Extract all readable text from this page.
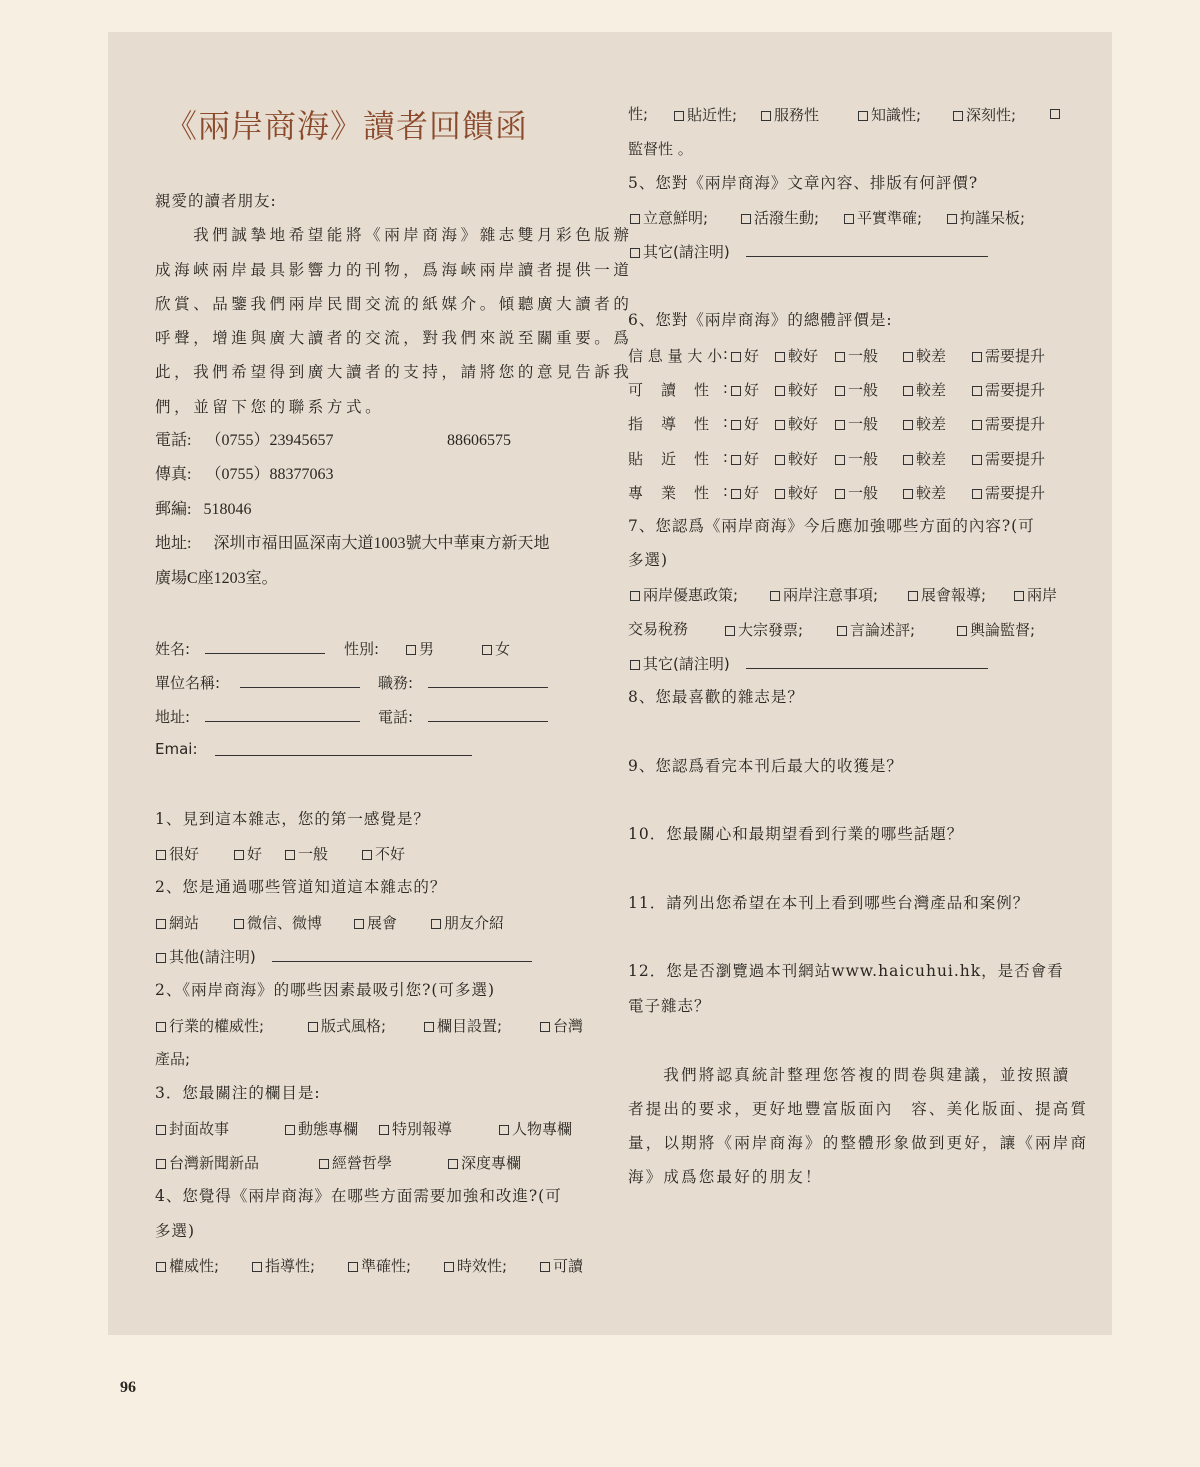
《兩岸商海》讀者回饋函
親愛的讀者朋友:
　　我們誠摯地希望能將《兩岸商海》雜志雙月彩色版辦
成海峽兩岸最具影響力的刊物，爲海峽兩岸讀者提供一道
欣賞、品鑒我們兩岸民間交流的紙媒介。傾聽廣大讀者的
呼聲，增進與廣大讀者的交流，對我們來説至關重要。爲
此，我們希望得到廣大讀者的支持，請將您的意見告訴我
們，並留下您的聯系方式。
電話: （0755）23945657	88606575
傳真: （0755）88377063
郵編: 518046
地址: 深圳市福田區深南大道1003號大中華東方新天地
廣場C座1203室。
姓名:	性別:	男	女
單位名稱:	職務:
地址:	電話:
Emai:
1、見到這本雜志，您的第一感覺是？
很好	好	一般	不好
2、您是通過哪些管道知道這本雜志的？
網站	微信、微博	展會	朋友介紹
其他(請注明)
2、《兩岸商海》的哪些因素最吸引您?(可多選)
行業的權威性;	版式風格;	欄目設置;	台灣
產品;
3．您最關注的欄目是:
封面故事	動態專欄	特別報導	人物專欄
台灣新聞新品	經營哲學	深度專欄
4、您覺得《兩岸商海》在哪些方面需要加強和改進?(可
多選)
權威性;	指導性;	準確性;	時效性;	可讀
性;	貼近性;	服務性	知識性;	深刻性;
監督性 。
5、您對《兩岸商海》文章內容、排版有何評價?
立意鮮明;	活潑生動;	平實準確;	拘謹呆板;
其它(請注明)
6、您對《兩岸商海》的總體評價是:
信 息 量 大 小 :	好	較好	一般	較差	需要提升
可 讀 性 :	好	較好	一般	較差	需要提升
指 導 性 :	好	較好	一般	較差	需要提升
貼 近 性 :	好	較好	一般	較差	需要提升
專 業 性 :	好	較好	一般	較差	需要提升
7、您認爲《兩岸商海》今后應加強哪些方面的內容?(可
多選)
兩岸優惠政策;	兩岸注意事項;	展會報導;	兩岸
交易稅務	大宗發票;	言論述評;	輿論監督;
其它(請注明)
8、您最喜歡的雜志是？
9、您認爲看完本刊后最大的收獲是？
10．您最關心和最期望看到行業的哪些話題？
11．請列出您希望在本刊上看到哪些台灣產品和案例？
12．您是否瀏覽過本刊網站www.haicuhui.hk，是否會看
電子雜志？
　　我們將認真統計整理您答複的問卷與建議，並按照讀
者提出的要求，更好地豐富版面內　容、美化版面、提高質
量，以期將《兩岸商海》的整體形象做到更好，讓《兩岸商
海》成爲您最好的朋友！
96
